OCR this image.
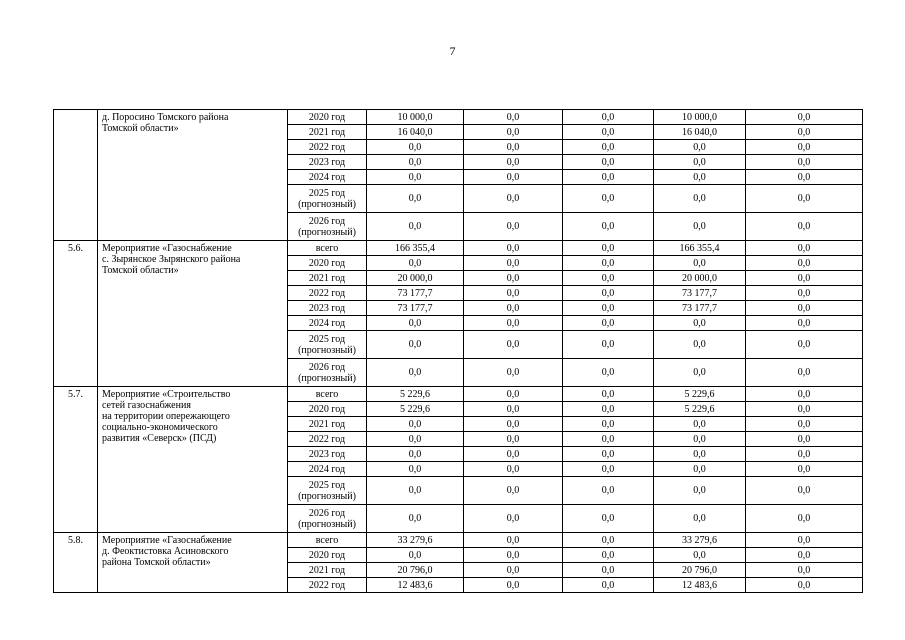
7

	д. Поросино Томского района
Томской области»	2020 год	10 000,0	0,0	0,0	10 000,0	0,0

		2021 год	16 040,0	0,0	0,0	16 040,0	0,0

		2022 год	0,0	0,0	0,0	0,0	0,0

		2023 год	0,0	0,0	0,0	0,0	0,0

		2024 год	0,0	0,0	0,0	0,0	0,0

		2025 год
(прогнозный)	0,0	0,0	0,0	0,0	0,0

		2026 год
(прогнозный)	0,0	0,0	0,0	0,0	0,0
5.6.	Мероприятие «Газоснабжение
с. Зырянское Зырянского района
Томской области»	всего	166 355,4	0,0	0,0	166 355,4	0,0

		2020 год	0,0	0,0	0,0	0,0	0,0

		2021 год	20 000,0	0,0	0,0	20 000,0	0,0

		2022 год	73 177,7	0,0	0,0	73 177,7	0,0

		2023 год	73 177,7	0,0	0,0	73 177,7	0,0

		2024 год	0,0	0,0	0,0	0,0	0,0

		2025 год
(прогнозный)	0,0	0,0	0,0	0,0	0,0

		2026 год
(прогнозный)	0,0	0,0	0,0	0,0	0,0
5.7.	Мероприятие «Строительство
сетей газоснабжения
на территории опережающего
социально-экономического
развития «Северск» (ПСД)	всего	5 229,6	0,0	0,0	5 229,6	0,0

		2020 год	5 229,6	0,0	0,0	5 229,6	0,0

		2021 год	0,0	0,0	0,0	0,0	0,0

		2022 год	0,0	0,0	0,0	0,0	0,0

		2023 год	0,0	0,0	0,0	0,0	0,0

		2024 год	0,0	0,0	0,0	0,0	0,0

		2025 год
(прогнозный)	0,0	0,0	0,0	0,0	0,0

		2026 год
(прогнозный)	0,0	0,0	0,0	0,0	0,0
5.8.	Мероприятие «Газоснабжение
д. Феоктистовка Асиновского
района Томской области»	всего	33 279,6	0,0	0,0	33 279,6	0,0

		2020 год	0,0	0,0	0,0	0,0	0,0

		2021 год	20 796,0	0,0	0,0	20 796,0	0,0

		2022 год	12 483,6	0,0	0,0	12 483,6	0,0
